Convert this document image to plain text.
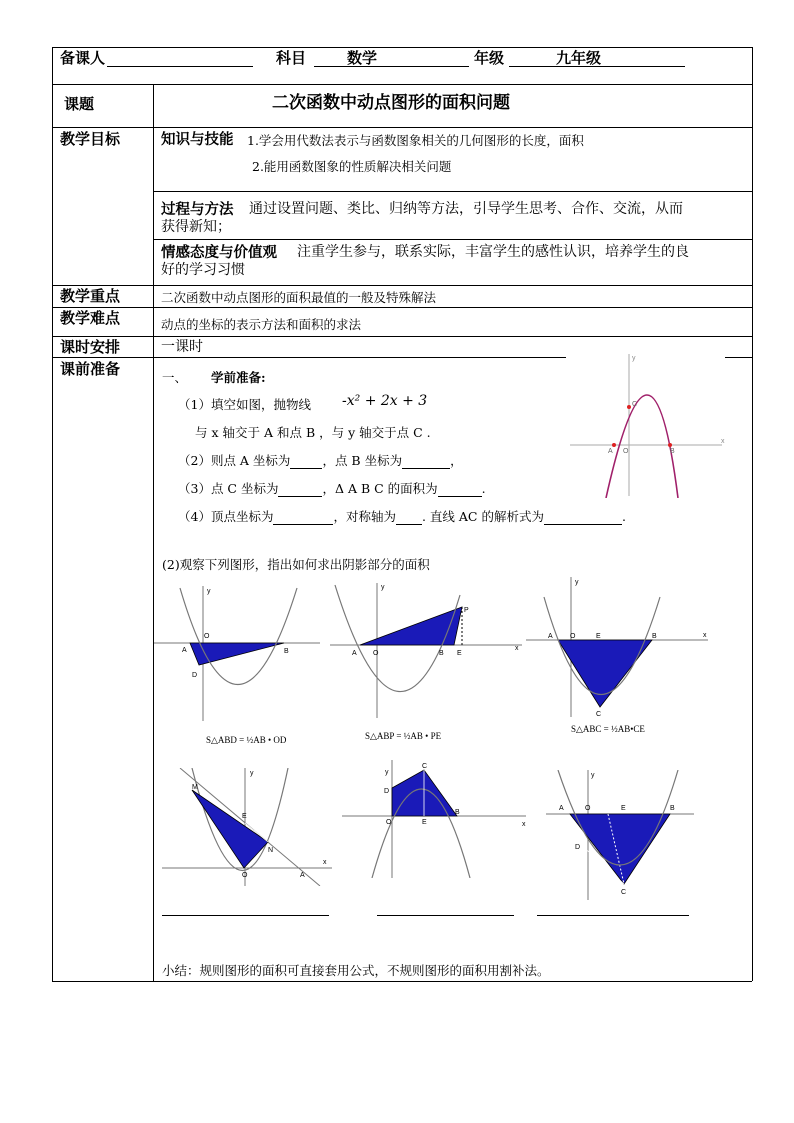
备课人	科目	数学	年级	九年级
课题	二次函数中动点图形的面积问题
教学目标	知识与技能 1.学会用代数法表示与函数图象相关的几何图形的长度，面积
2.能用函数图象的性质解决相关问题
过程与方法 通过设置问题、类比、归纳等方法，引导学生思考、合作、交流，从而
获得新知；
情感态度与价值观 注重学生参与，联系实际，丰富学生的感性认识，培养学生的良
好的学习习惯
教学重点	二次函数中动点图形的面积最值的一般及特殊解法
教学难点	动点的坐标的表示方法和面积的求法
课时安排	一课时
课前准备	一、 学前准备:
（1）填空如图，抛物线 -x² + 2x + 3
与 x 轴交于 A 和点 B ，与 y 轴交于点 C .
（2）则点 A 坐标为	，点 B 坐标为	，
（3）点 C 坐标为	，Δ A B C 的面积为	.
（4）顶点坐标为	，对称轴为 . 直线 AC 的解析式为	.
x
y
O
A	B
C
(2)观察下列图形，指出如何求出阴影部分的面积
y
O
A	B
D
S△ABD = ½AB • OD
y
x
O
A	B E
P
S△ABP = ½AB • PE
y
x
A O	E	B
C
S△ABC = ½AB•CE
y
x
M
E
N
O	A
y
x
D
C
B
E
O
y
A	O	E	B
D
C
小结：规则图形的面积可直接套用公式，不规则图形的面积用割补法。
